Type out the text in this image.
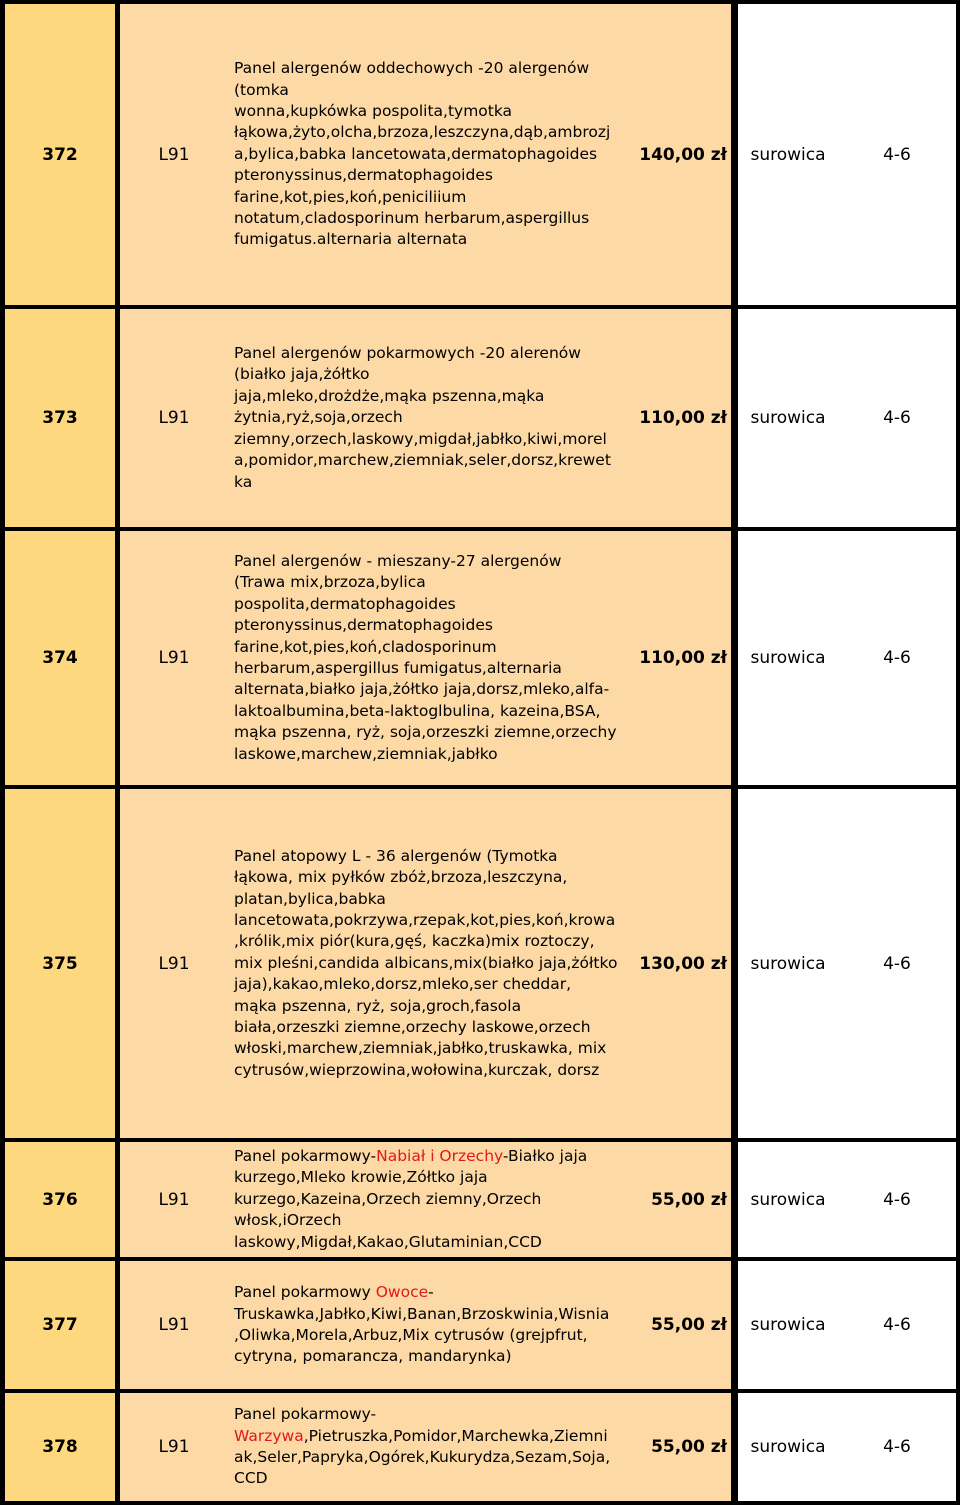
372	L91
Panel alergenów oddechowych -20 alergenów
(tomka
wonna,kupkówka pospolita,tymotka
łąkowa,żyto,olcha,brzoza,leszczyna,dąb,ambrozj
a,bylica,babka lancetowata,dermatophagoides
pteronyssinus,dermatophagoides
farine,kot,pies,koń,peniciliium
notatum,cladosporinum herbarum,aspergillus
fumigatus.alternaria alternata
140,00 zł	surowica	4-6
373	L91
Panel alergenów pokarmowych -20 alerenów
(białko jaja,żółtko
jaja,mleko,drożdże,mąka pszenna,mąka
żytnia,ryż,soja,orzech
ziemny,orzech,laskowy,migdał,jabłko,kiwi,morel
a,pomidor,marchew,ziemniak,seler,dorsz,krewet
ka
110,00 zł	surowica	4-6
374	L91
Panel alergenów - mieszany-27 alergenów
(Trawa mix,brzoza,bylica
pospolita,dermatophagoides
pteronyssinus,dermatophagoides
farine,kot,pies,koń,cladosporinum
herbarum,aspergillus fumigatus,alternaria
alternata,białko jaja,żółtko jaja,dorsz,mleko,alfa-
laktoalbumina,beta-laktoglbulina, kazeina,BSA,
mąka pszenna, ryż, soja,orzeszki ziemne,orzechy
laskowe,marchew,ziemniak,jabłko
110,00 zł	surowica	4-6
375	L91
Panel atopowy L - 36 alergenów (Tymotka
łąkowa, mix pyłków zbóż,brzoza,leszczyna,
platan,bylica,babka
lancetowata,pokrzywa,rzepak,kot,pies,koń,krowa
,królik,mix piór(kura,gęś, kaczka)mix roztoczy,
mix pleśni,candida albicans,mix(białko jaja,żółtko
jaja),kakao,mleko,dorsz,mleko,ser cheddar,
mąka pszenna, ryż, soja,groch,fasola
biała,orzeszki ziemne,orzechy laskowe,orzech
włoski,marchew,ziemniak,jabłko,truskawka, mix
cytrusów,wieprzowina,wołowina,kurczak, dorsz
130,00 zł	surowica	4-6
376	L91
Panel pokarmowy-Nabiał i Orzechy-Białko jaja
kurzego,Mleko krowie,Zółtko jaja
kurzego,Kazeina,Orzech ziemny,Orzech
włosk,iOrzech
laskowy,Migdał,Kakao,Glutaminian,CCD
55,00 zł	surowica	4-6
377	L91
Panel pokarmowy Owoce-
Truskawka,Jabłko,Kiwi,Banan,Brzoskwinia,Wisnia
,Oliwka,Morela,Arbuz,Mix cytrusów (grejpfrut,
cytryna, pomarancza, mandarynka)
55,00 zł	surowica	4-6
378	L91
Panel pokarmowy-
Warzywa,Pietruszka,Pomidor,Marchewka,Ziemni
ak,Seler,Papryka,Ogórek,Kukurydza,Sezam,Soja,
CCD
55,00 zł	surowica	4-6
